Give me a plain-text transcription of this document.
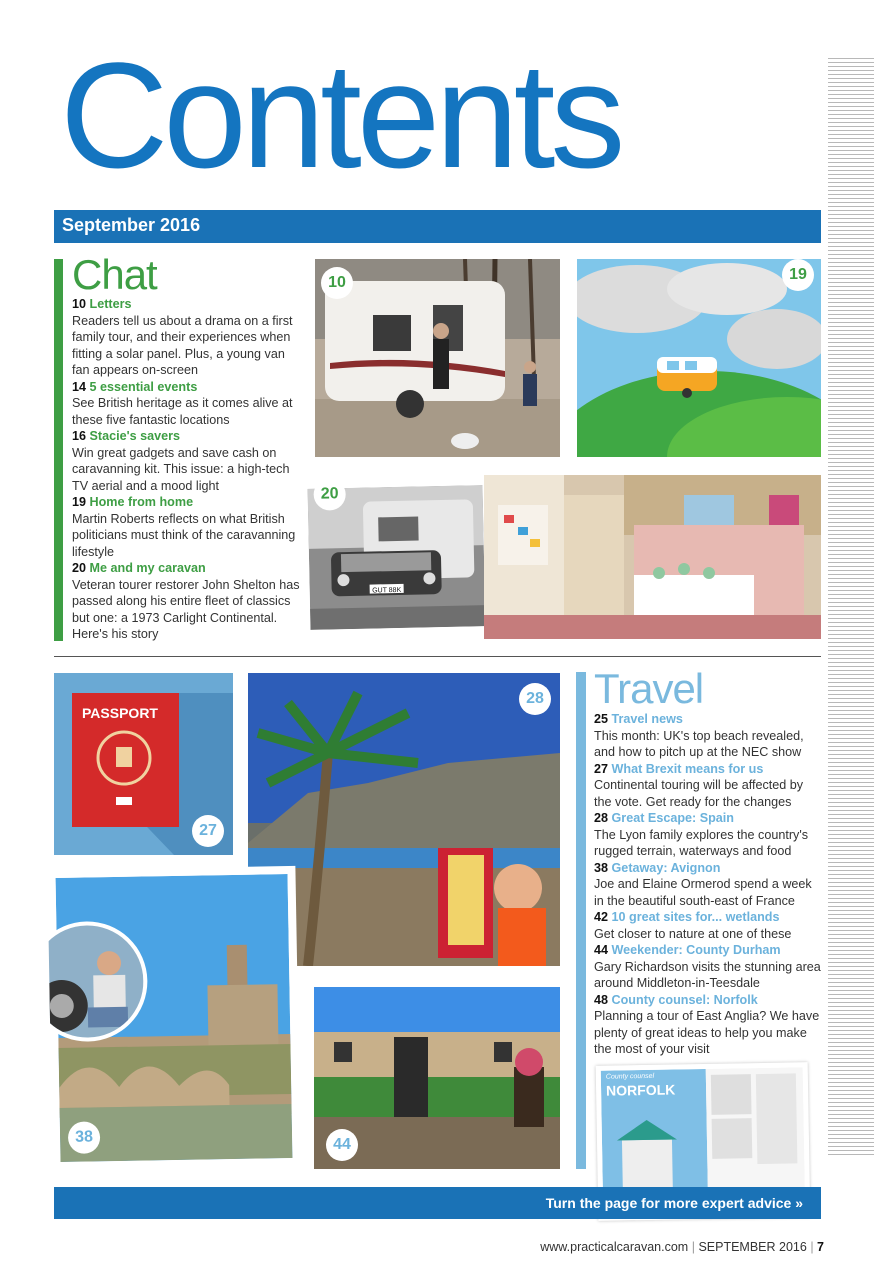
Contents
September 2016
Chat
10 Letters
Readers tell us about a drama on a first family tour, and their experiences when fitting a solar panel. Plus, a young van fan appears on-screen
14 5 essential events
See British heritage as it comes alive at these five fantastic locations
16 Stacie's savers
Win great gadgets and save cash on caravanning kit. This issue: a high-tech TV aerial and a mood light
19 Home from home
Martin Roberts reflects on what British politicians must think of the caravanning lifestyle
20 Me and my caravan
Veteran tourer restorer John Shelton has passed along his entire fleet of classics but one: a 1973 Carlight Continental. Here's his story
10	19
GUT 88K
20
PASSPORT
27
28
38	44
Travel
25 Travel news
This month: UK's top beach revealed, and how to pitch up at the NEC show
27 What Brexit means for us
Continental touring will be affected by the vote. Get ready for the changes
28 Great Escape: Spain
The Lyon family explores the country's rugged terrain, waterways and food
38 Getaway: Avignon
Joe and Elaine Ormerod spend a week in the beautiful south-east of France
42 10 great sites for... wetlands
Get closer to nature at one of these
44 Weekender: County Durham
Gary Richardson visits the stunning area around Middleton-in-Teesdale
48 County counsel: Norfolk
Planning a tour of East Anglia? We have plenty of great ideas to help you make the most of your visit
County counsel
NORFOLK
Turn the page for more expert advice »
www.practicalcaravan.com | SEPTEMBER 2016 | 7
